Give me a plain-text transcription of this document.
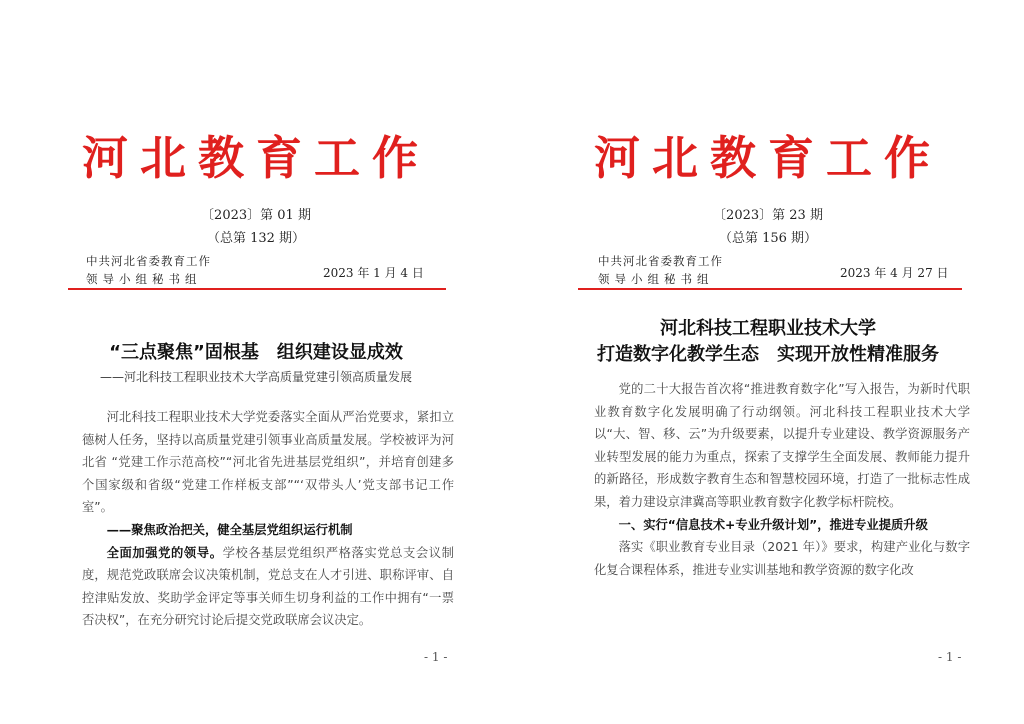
河北教育工作
〔2023〕第 01 期
（总第 132 期）
中共河北省委教育工作
领导小组秘书组	2023 年 1 月 4 日
“三点聚焦”固根基　组织建设显成效
——河北科技工程职业技术大学高质量党建引领高质量发展

河北科技工程职业技术大学党委落实全面从严治党要求，紧扣立德树人任务，坚持以高质量党建引领事业高质量发展。学校被评为河北省 “党建工作示范高校”“河北省先进基层党组织”，并培育创建多个国家级和省级“党建工作样板支部”“‘双带头人’党支部书记工作室”。

——聚焦政治把关，健全基层党组织运行机制

全面加强党的领导。学校各基层党组织严格落实党总支会议制度，规范党政联席会议决策机制，党总支在人才引进、职称评审、自控津贴发放、奖助学金评定等事关师生切身利益的工作中拥有“一票否决权”，在充分研究讨论后提交党政联席会议决定。

- 1 -
河北教育工作
〔2023〕第 23 期
（总第 156 期）
中共河北省委教育工作
领导小组秘书组	2023 年 4 月 27 日
河北科技工程职业技术大学
打造数字化教学生态　实现开放性精准服务

党的二十大报告首次将“推进教育数字化”写入报告，为新时代职业教育数字化发展明确了行动纲领。河北科技工程职业技术大学以“大、智、移、云”为升级要素，以提升专业建设、教学资源服务产业转型发展的能力为重点，探索了支撑学生全面发展、教师能力提升的新路径，形成数字教育生态和智慧校园环境，打造了一批标志性成果，着力建设京津冀高等职业教育数字化教学标杆院校。

一、实行“信息技术+专业升级计划”，推进专业提质升级

落实《职业教育专业目录（2021 年）》要求，构建产业化与数字化复合课程体系，推进专业实训基地和教学资源的数字化改

- 1 -
